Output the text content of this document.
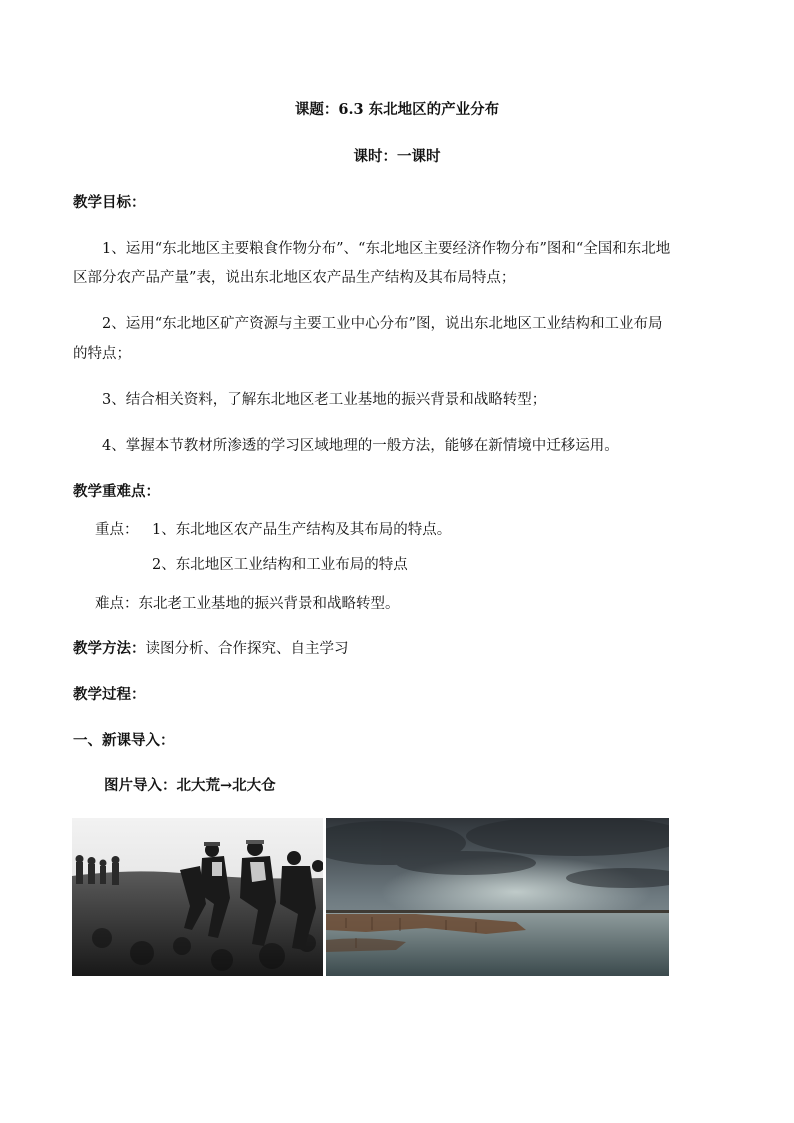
课题：6.3 东北地区的产业分布
课时：一课时
教学目标：
1、运用“东北地区主要粮食作物分布”、“东北地区主要经济作物分布”图和“全国和东北地
区部分农产品产量”表，说出东北地区农产品生产结构及其布局特点；
2、运用“东北地区矿产资源与主要工业中心分布”图，说出东北地区工业结构和工业布局
的特点；
3、结合相关资料，了解东北地区老工业基地的振兴背景和战略转型；
4、掌握本节教材所渗透的学习区域地理的一般方法，能够在新情境中迁移运用。
教学重难点：
重点： 1、东北地区农产品生产结构及其布局的特点。
2、东北地区工业结构和工业布局的特点
难点：东北老工业基地的振兴背景和战略转型。
教学方法：读图分析、合作探究、自主学习
教学过程：
一、新课导入：
图片导入：北大荒→北大仓
